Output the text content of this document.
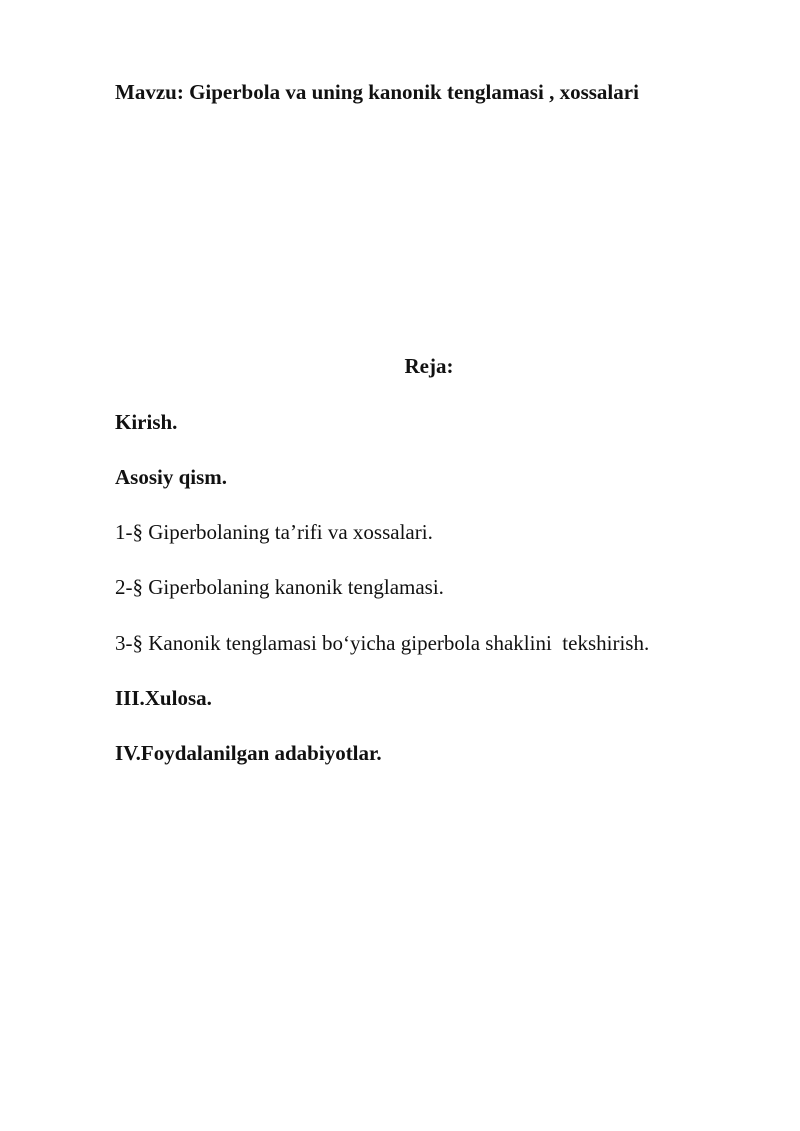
Mavzu: Giperbola va uning kanonik tenglamasi , xossalari
Reja:
Kirish.
Asosiy qism.
1-§ Giperbolaning ta’rifi va xossalari.
2-§ Giperbolaning kanonik tenglamasi.
3-§ Kanonik tenglamasi bo‘yicha giperbola shaklini  tekshirish.
III.Xulosa.
IV.Foydalanilgan adabiyotlar.
